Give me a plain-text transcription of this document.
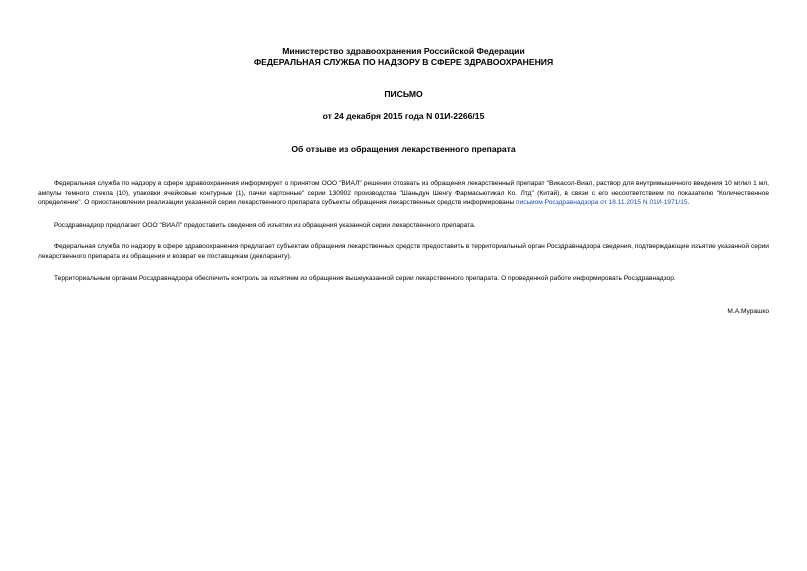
Министерство здравоохранения Российской Федерации
ФЕДЕРАЛЬНАЯ СЛУЖБА ПО НАДЗОРУ В СФЕРЕ ЗДРАВООХРАНЕНИЯ
ПИСЬМО
от 24 декабря 2015 года N 01И-2266/15
Об отзыве из обращения лекарственного препарата

Федеральная служба по надзору в сфере здравоохранения информирует о принятом ООО "ВИАЛ" решении отозвать из обращения лекарственный препарат "Викасол-Виал, раствор для внутримышечного введения 10 мг/мл 1 мл, ампулы темного стекла (10), упаковки ячейковые контурные (1), пачки картонные" серии 130902 производства "Шаньдун Шенгу Фармасьютикал Ко. Лтд" (Китай), в связи с его несоответствием по показателю "Количественное определение". О приостановлении реализации указанной серии лекарственного препарата субъекты обращения лекарственных средств информированы письмом Росздравнадзора от 18.11.2015 N 01И-1971/15.

Росздравнадзор предлагает ООО "ВИАЛ" предоставить сведения об изъятии из обращения указанной серии лекарственного препарата.

Федеральная служба по надзору в сфере здравоохранения предлагает субъектам обращения лекарственных средств предоставить в территориальный орган Росздравнадзора сведения, подтверждающие изъятие указанной серии лекарственного препарата из обращения и возврат ее поставщикам (декларанту).

Территориальным органам Росздравнадзора обеспечить контроль за изъятием из обращения вышеуказанной серии лекарственного препарата. О проведенной работе информировать Росздравнадзор.

М.А.Мурашко
